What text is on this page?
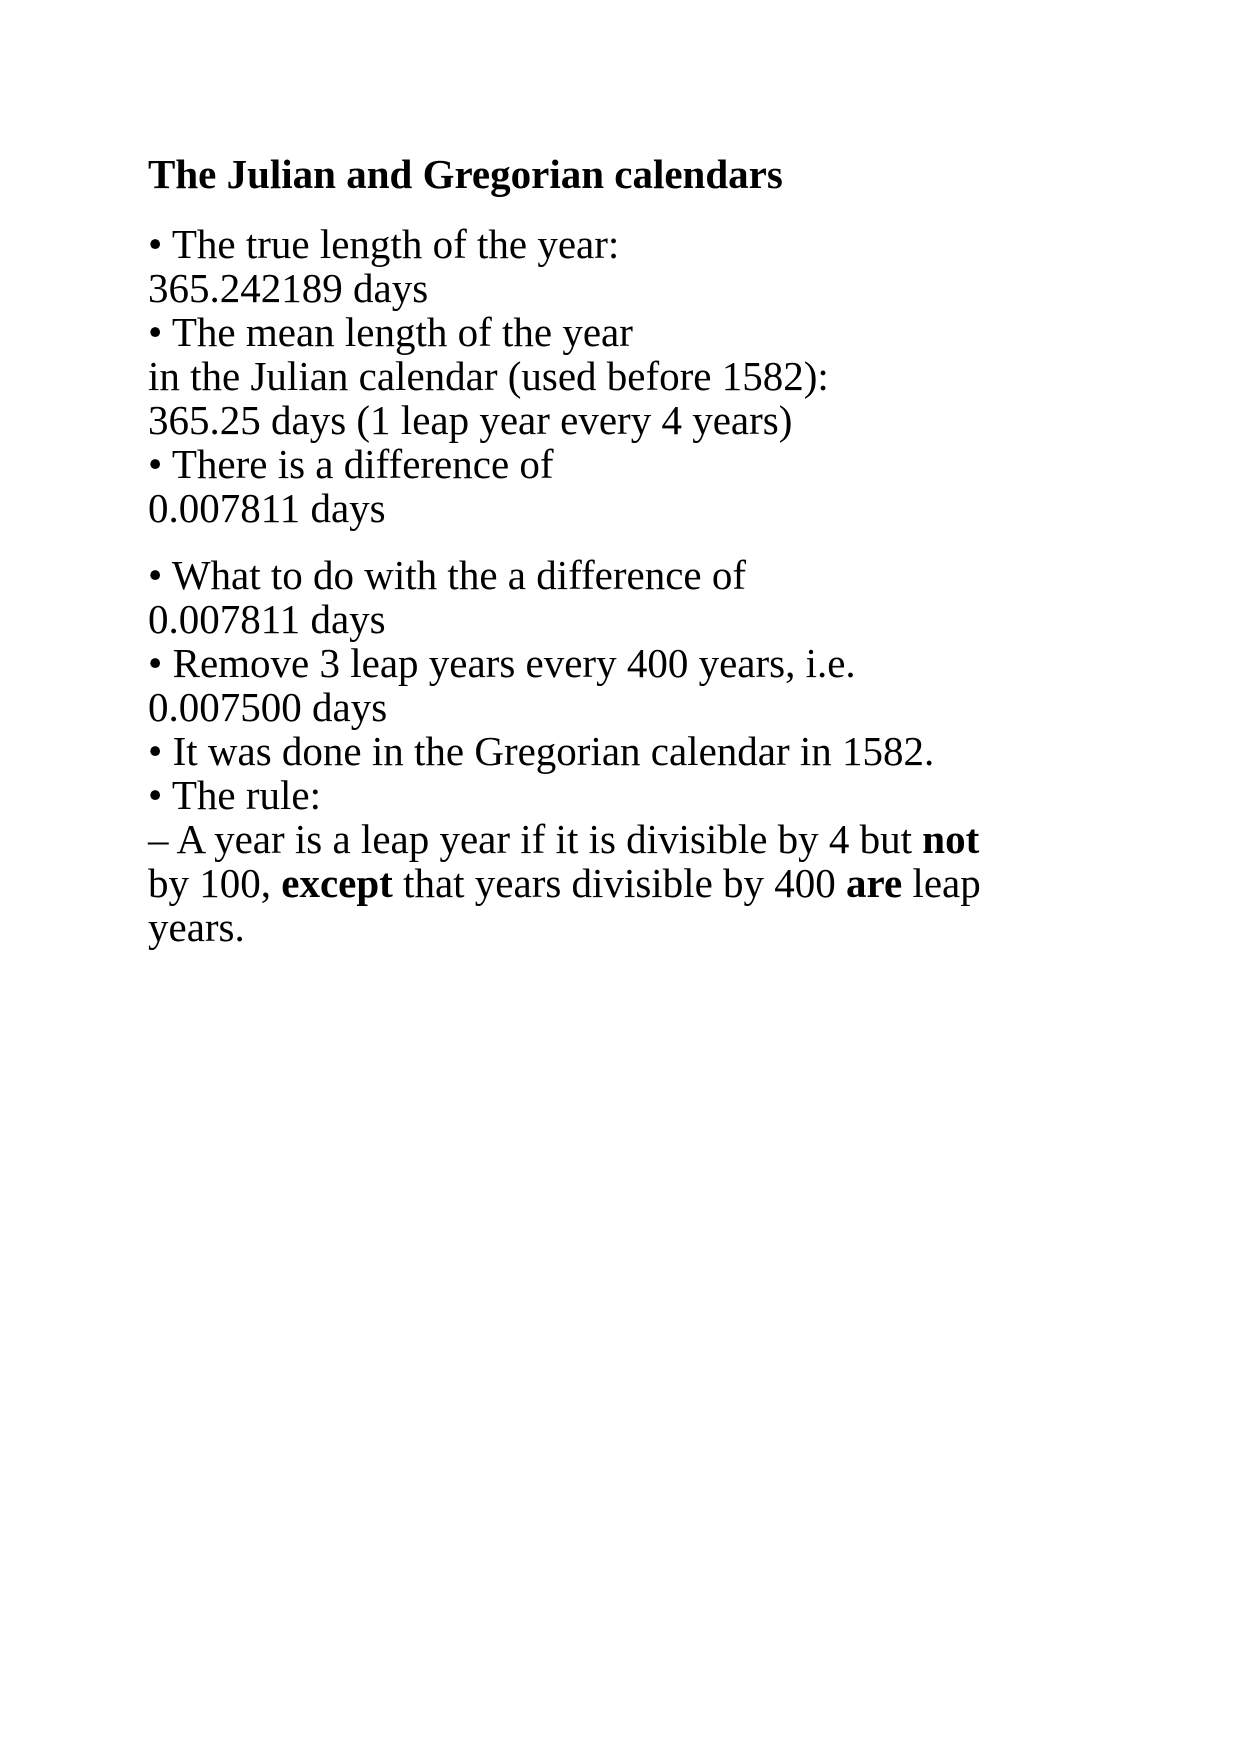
The Julian and Gregorian calendars

• The true length of the year:

365.242189 days

• The mean length of the year

in the Julian calendar (used before 1582):

365.25 days (1 leap year every 4 years)

• There is a difference of

0.007811 days

• What to do with the a difference of

0.007811 days

• Remove 3 leap years every 400 years, i.e.

0.007500 days

• It was done in the Gregorian calendar in 1582.

• The rule:

– A year is a leap year if it is divisible by 4 but not

by 100, except that years divisible by 400 are leap

years.
